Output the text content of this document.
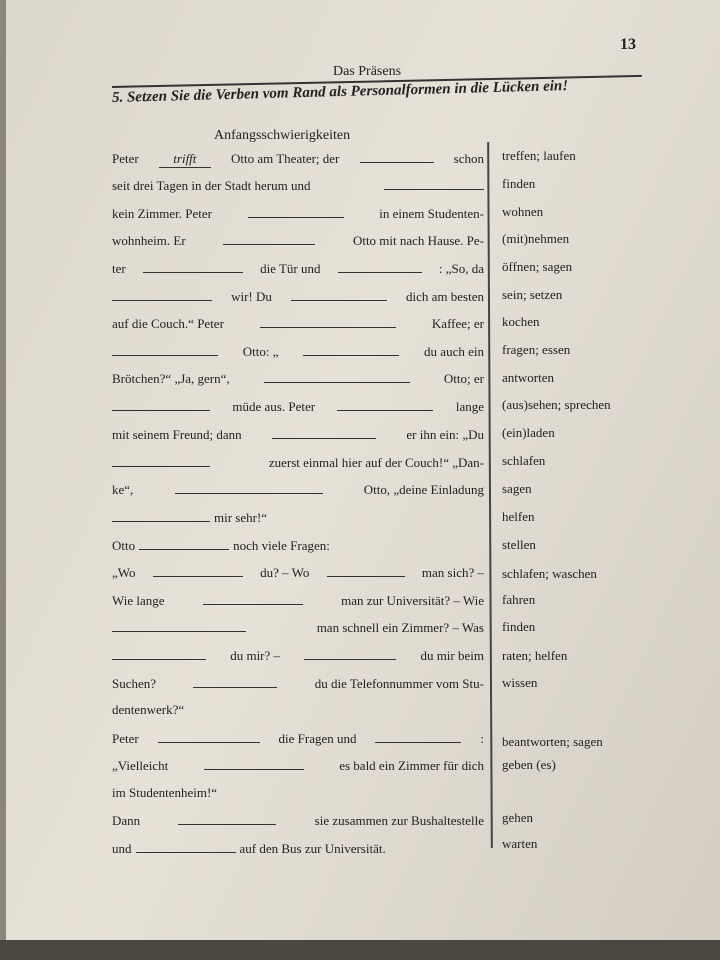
13
Das Präsens
5. Setzen Sie die Verben vom Rand als Personalformen in die Lücken ein!
Anfangsschwierigkeiten
Peter	trifft	Otto am Theater; der	schon
seit drei Tagen in der Stadt herum und
kein Zimmer. Peter	in einem Studenten-
wohnheim. Er	Otto mit nach Hause. Pe-
ter	die Tür und	: „So, da
wir! Du	dich am besten
auf die Couch.“ Peter	Kaffee; er
Otto: „	du auch ein
Brötchen?“ „Ja, gern“,	Otto; er
müde aus. Peter	lange
mit seinem Freund; dann	er ihn ein: „Du
zuerst einmal hier auf der Couch!“ „Dan-
ke“,	Otto, „deine Einladung
mir sehr!“
Otto	noch viele Fragen:
„Wo	du? – Wo	man sich? –
Wie lange	man zur Universität? – Wie
man schnell ein Zimmer? – Was
du mir? –	du mir beim
Suchen?	du die Telefonnummer vom Stu-
dentenwerk?“
Peter	die Fragen und	:
„Vielleicht	es bald ein Zimmer für dich
im Studentenheim!“
Dann	sie zusammen zur Bushaltestelle
und	auf den Bus zur Universität.
treffen; laufen
finden
wohnen
(mit)nehmen
öffnen; sagen
sein; setzen
kochen
fragen; essen
antworten
(aus)sehen; sprechen
(ein)laden
schlafen
sagen
helfen
stellen
schlafen; waschen
fahren
finden
raten; helfen
wissen
beantworten; sagen
geben (es)
gehen
warten
